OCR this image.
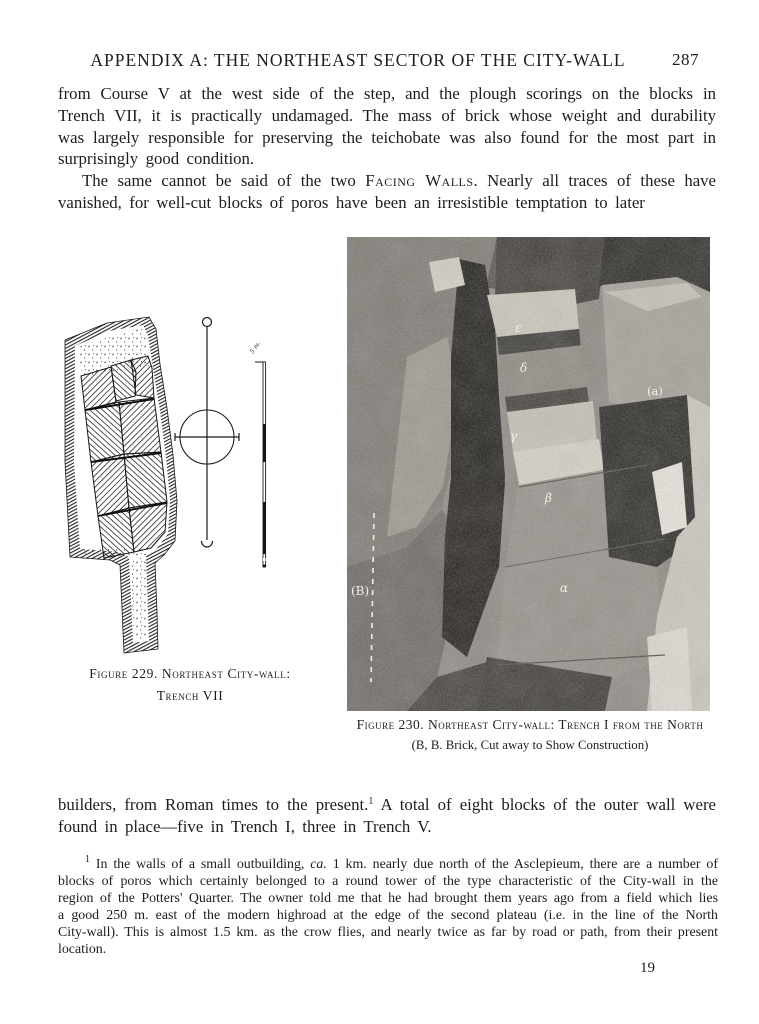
APPENDIX A: THE NORTHEAST SECTOR OF THE CITY-WALL	287

from Course V at the west side of the step, and the plough scorings on the blocks in Trench VII, it is practically undamaged. The mass of brick whose weight and durability was largely responsible for preserving the teichobate was also found for the most part in surprisingly good condition.

The same cannot be said of the two Facing Walls. Nearly all traces of these have vanished, for well-cut blocks of poros have been an irresistible temptation to later

5 m.
ε
δ
γ
β
α
(a)
(B)
Figure 229. Northeast City-wall:
Trench VII
Figure 230. Northeast City-wall: Trench I from the North
(B, B. Brick, Cut away to Show Construction)

builders, from Roman times to the present.$^1$ A total of eight blocks of the outer wall were found in place—five in Trench I, three in Trench V.

$^1$ In the walls of a small outbuilding, ca. 1 km. nearly due north of the Asclepieum, there are a number of blocks of poros which certainly belonged to a round tower of the type characteristic of the City-wall in the region of the Potters' Quarter. The owner told me that he had brought them years ago from a field which lies a good 250 m. east of the modern highroad at the edge of the second plateau (i.e. in the line of the North City-wall). This is almost 1.5 km. as the crow flies, and nearly twice as far by road or path, from their present location.

19
